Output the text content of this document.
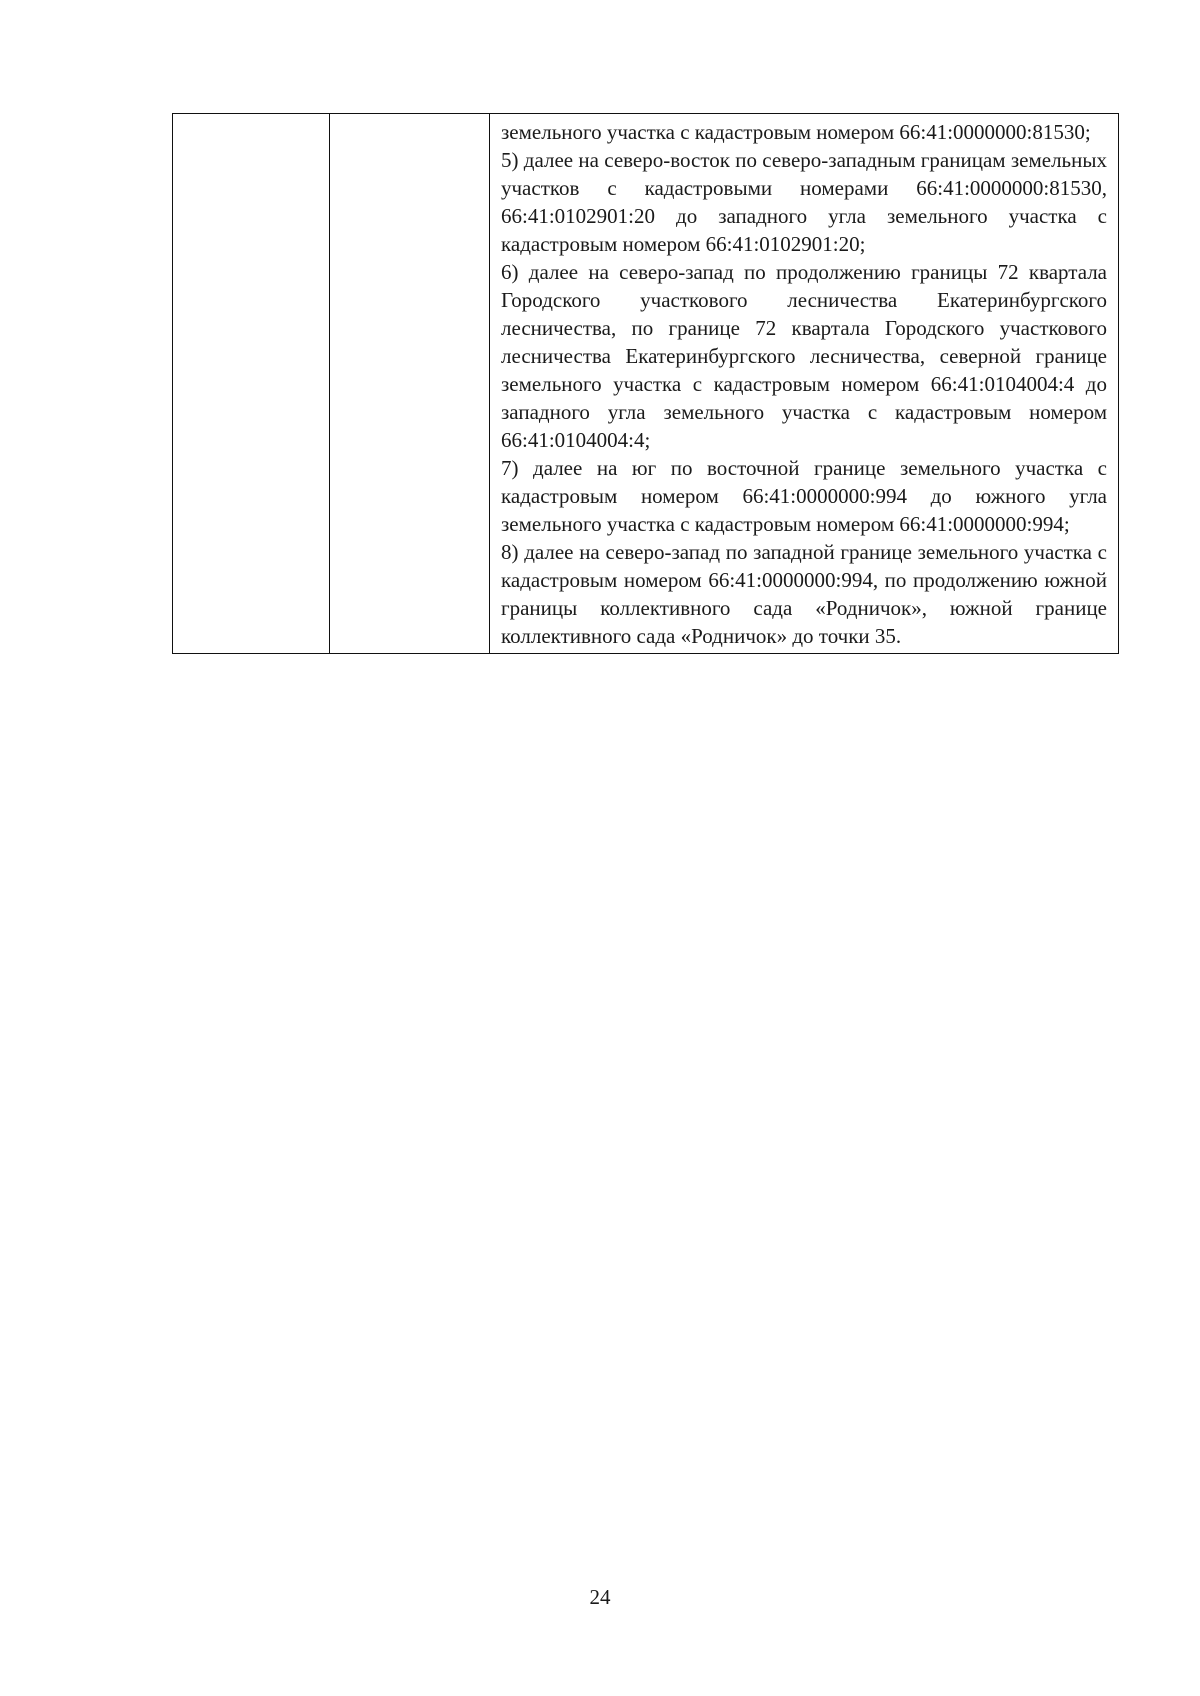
земельного участка с кадастровым номером 66:41:0000000:81530;

5) далее на северо-восток по северо-западным границам земельных участков с кадастровыми номерами 66:41:0000000:81530, 66:41:0102901:20 до западного угла земельного участка с кадастровым номером 66:41:0102901:20;

6) далее на северо-запад по продолжению границы 72 квартала Городского участкового лесничества Екатеринбургского лесничества, по границе 72 квартала Городского участкового лесничества Екатеринбургского лесничества, северной границе земельного участка с кадастровым номером 66:41:0104004:4 до западного угла земельного участка с кадастровым номером 66:41:0104004:4;

7) далее на юг по восточной границе земельного участка с кадастровым номером 66:41:0000000:994 до южного угла земельного участка с кадастровым номером 66:41:0000000:994;

8) далее на северо-запад по западной границе земельного участка с кадастровым номером 66:41:0000000:994, по продолжению южной границы коллективного сада «Родничок», южной границе коллективного сада «Родничок» до точки 35.

24
